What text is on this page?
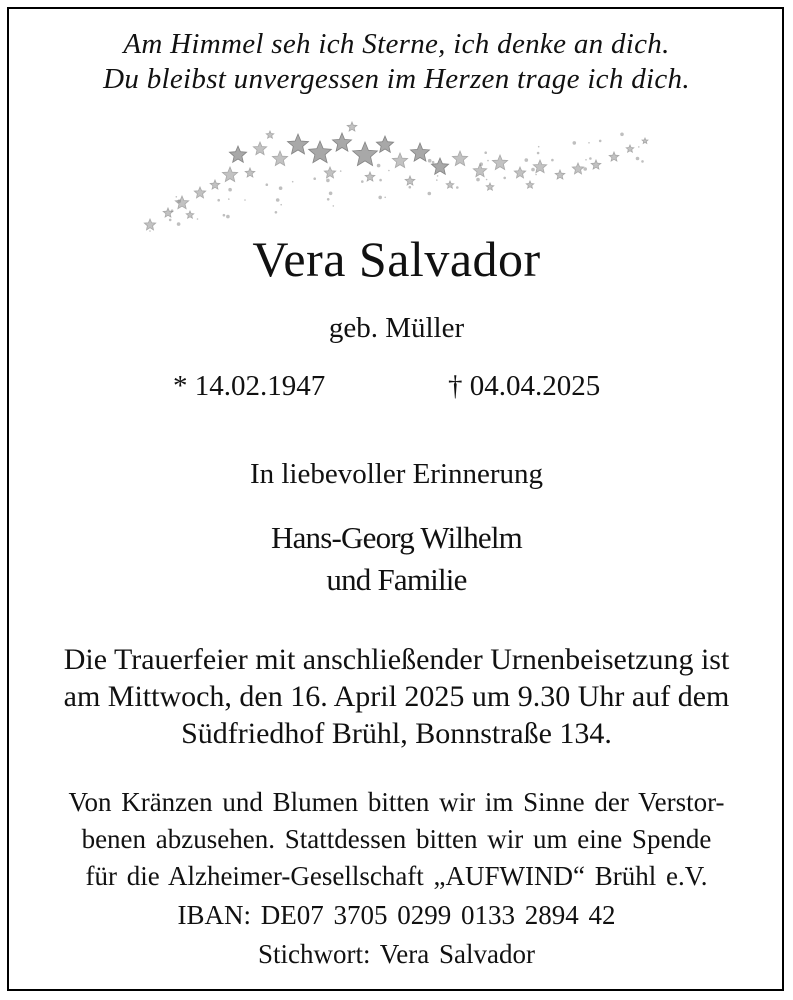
Am Himmel seh ich Sterne, ich denke an dich.
Du bleibst unvergessen im Herzen trage ich dich.
Vera Salvador
geb. Müller
* 14.02.1947	† 04.04.2025
In liebevoller Erinnerung
Hans-Georg Wilhelm
und Familie
Die Trauerfeier mit anschließender Urnenbeisetzung ist
am Mittwoch, den 16. April 2025 um 9.30 Uhr auf dem
Südfriedhof Brühl, Bonnstraße 134.
Von Kränzen und Blumen bitten wir im Sinne der Verstor-
benen abzusehen. Stattdessen bitten wir um eine Spende
für die Alzheimer-Gesellschaft „AUFWIND“ Brühl e.V.
IBAN: DE07 3705 0299 0133 2894 42
Stichwort: Vera Salvador
